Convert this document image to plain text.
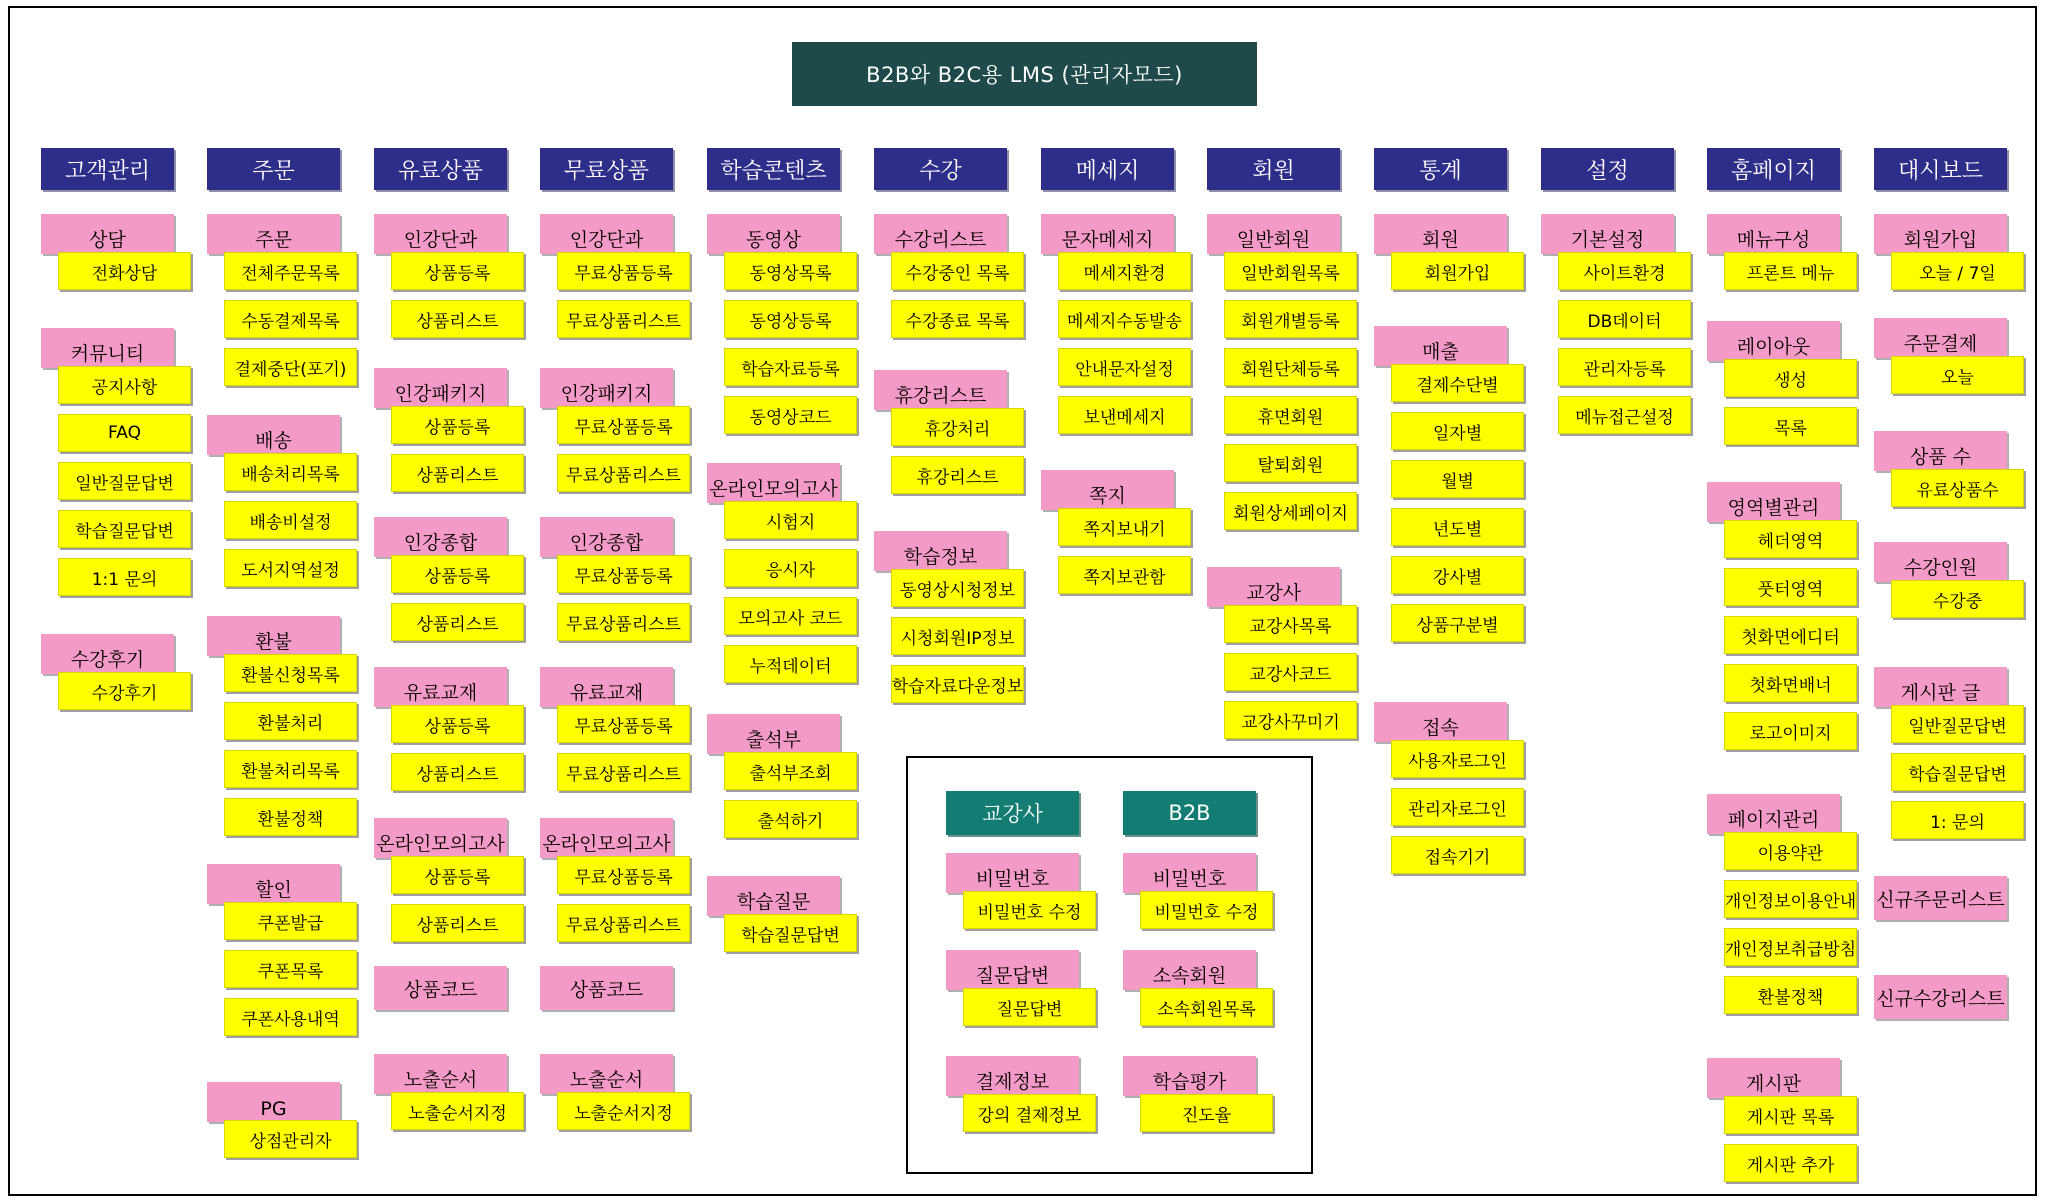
B2B와 B2C용 LMS (관리자모드)
고객관리
상담
전화상담
커뮤니티
공지사항
FAQ
일반질문답변
학습질문답변
1:1 문의
수강후기
수강후기
주문
주문
전체주문목록
수동결제목록
결제중단(포기)
배송
배송처리목록
배송비설정
도서지역설정
환불
환불신청목록
환불처리
환불처리목록
환불정책
할인
쿠폰발급
쿠폰목록
쿠폰사용내역
PG
상점관리자
유료상품
인강단과
상품등록
상품리스트
인강패키지
상품등록
상품리스트
인강종합
상품등록
상품리스트
유료교재
상품등록
상품리스트
온라인모의고사
상품등록
상품리스트
상품코드
노출순서
노출순서지정
무료상품
인강단과
무료상품등록
무료상품리스트
인강패키지
무료상품등록
무료상품리스트
인강종합
무료상품등록
무료상품리스트
유료교재
무료상품등록
무료상품리스트
온라인모의고사
무료상품등록
무료상품리스트
상품코드
노출순서
노출순서지정
학습콘텐츠
동영상
동영상목록
동영상등록
학습자료등록
동영상코드
온라인모의고사
시험지
응시자
모의고사 코드
누적데이터
출석부
출석부조회
출석하기
학습질문
학습질문답변
수강
수강리스트
수강중인 목록
수강종료 목록
휴강리스트
휴강처리
휴강리스트
학습정보
동영상시청정보
시청회원IP정보
학습자료다운정보
메세지
문자메세지
메세지환경
메세지수동발송
안내문자설정
보낸메세지
쪽지
쪽지보내기
쪽지보관함
회원
일반회원
일반회원목록
회원개별등록
회원단체등록
휴면회원
탈퇴회원
회원상세페이지
교강사
교강사목록
교강사코드
교강사꾸미기
통계
회원
회원가입
매출
결제수단별
일자별
월별
년도별
강사별
상품구분별
접속
사용자로그인
관리자로그인
접속기기
설정
기본설정
사이트환경
DB데이터
관리자등록
메뉴접근설정
홈페이지
메뉴구성
프론트 메뉴
레이아웃
생성
목록
영역별관리
헤더영역
풋터영역
첫화면에디터
첫화면배너
로고이미지
페이지관리
이용약관
개인정보이용안내
개인정보취급방침
환불정책
게시판
게시판 목록
게시판 추가
대시보드
회원가입
오늘 / 7일
주문결제
오늘
상품 수
유료상품수
수강인원
수강중
게시판 글
일반질문답변
학습질문답변
1: 문의
신규주문리스트
신규수강리스트
교강사
비밀번호
비밀번호 수정
질문답변
질문답변
결제정보
강의 결제정보
B2B
비밀번호
비밀번호 수정
소속회원
소속회원목록
학습평가
진도율
